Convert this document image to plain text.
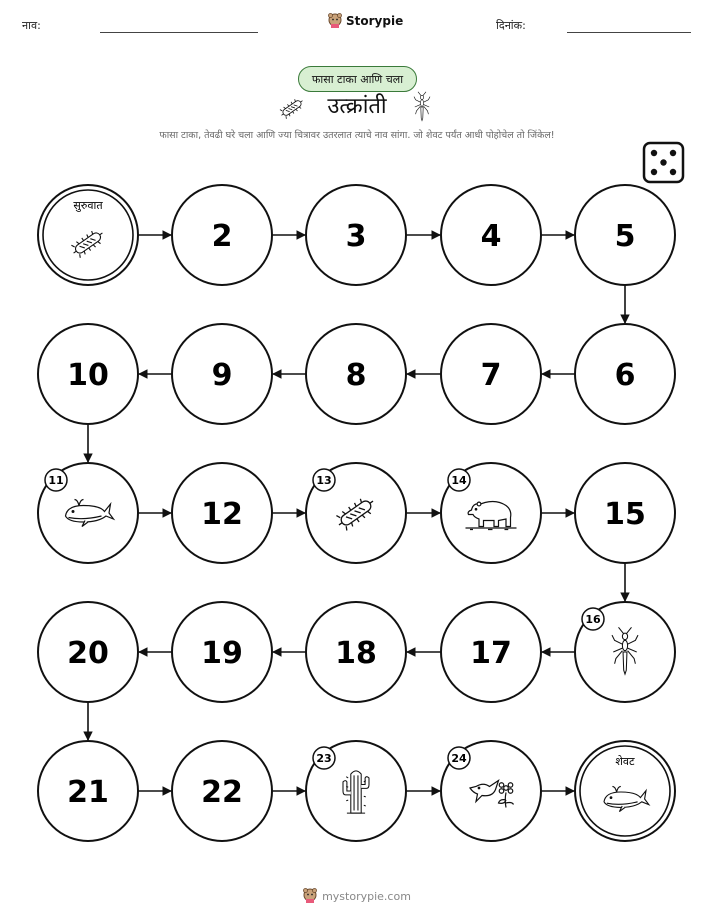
नाव:	Storypie	दिनांक:
फासा टाका आणि चला
उत्क्रांती
फासा टाका, तेवढी घरे चला आणि ज्या चित्रावर उतरलात त्याचे नाव सांगा. जो शेवट पर्यंत आधी पोहोचेल तो जिंकेल!
सुरुवात
2	3	4	5
10	9	8	7	6
11
12
13	14
15
20	19	18	17
16
21	22
23	24	शेवट
mystorypie.com
